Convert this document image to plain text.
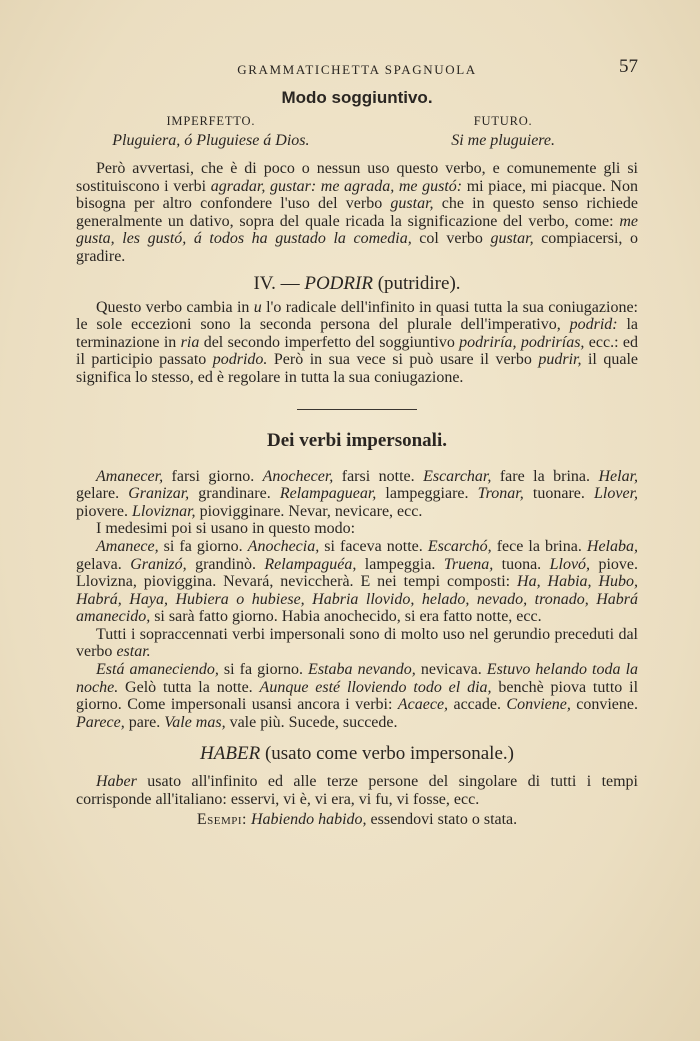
GRAMMATICHETTA SPAGNUOLA	57
Modo soggiuntivo.
IMPERFETTO.
Pluguiera, ó Pluguiese á Dios.
FUTURO.
Si me pluguiere.

Però avvertasi, che è di poco o nessun uso questo verbo, e comunemente gli si sostituiscono i verbi agradar, gustar: me agrada, me gustó: mi piace, mi piacque. Non bisogna per altro confondere l'uso del verbo gustar, che in questo senso richiede generalmente un dativo, sopra del quale ricada la significazione del verbo, come: me gusta, les gustó, á todos ha gustado la comedia, col verbo gustar, compiacersi, o gradire.

IV. — PODRIR (putridire).

Questo verbo cambia in u l'o radicale dell'infinito in quasi tutta la sua coniugazione: le sole eccezioni sono la seconda persona del plurale dell'imperativo, podrid: la terminazione in ria del secondo imperfetto del soggiuntivo podriría, podrirías, ecc.: ed il participio passato podrido. Però in sua vece si può usare il verbo pudrir, il quale significa lo stesso, ed è regolare in tutta la sua coniugazione.

Dei verbi impersonali.

Amanecer, farsi giorno. Anochecer, farsi notte. Escarchar, fare la brina. Helar, gelare. Granizar, grandinare. Relampaguear, lampeggiare. Tronar, tuonare. Llover, piovere. Lloviznar, piovigginare. Nevar, nevicare, ecc.

I medesimi poi si usano in questo modo:

Amanece, si fa giorno. Anochecia, si faceva notte. Escarchó, fece la brina. Helaba, gelava. Granizó, grandinò. Relampaguéa, lampeggia. Truena, tuona. Llovó, piove. Llovizna, pioviggina. Nevará, neviccherà. E nei tempi composti: Ha, Habia, Hubo, Habrá, Haya, Hubiera o hubiese, Habria llovido, helado, nevado, tronado, Habrá amanecido, si sarà fatto giorno. Habia anochecido, si era fatto notte, ecc.

Tutti i sopraccennati verbi impersonali sono di molto uso nel gerundio preceduti dal verbo estar.

Está amaneciendo, si fa giorno. Estaba nevando, nevicava. Estuvo helando toda la noche. Gelò tutta la notte. Aunque esté lloviendo todo el dia, benchè piova tutto il giorno. Come impersonali usansi ancora i verbi: Acaece, accade. Conviene, conviene. Parece, pare. Vale mas, vale più. Sucede, succede.

HABER (usato come verbo impersonale.)

Haber usato all'infinito ed alle terze persone del singolare di tutti i tempi corrisponde all'italiano: esservi, vi è, vi era, vi fu, vi fosse, ecc.

Esempi: Habiendo habido, essendovi stato o stata.
